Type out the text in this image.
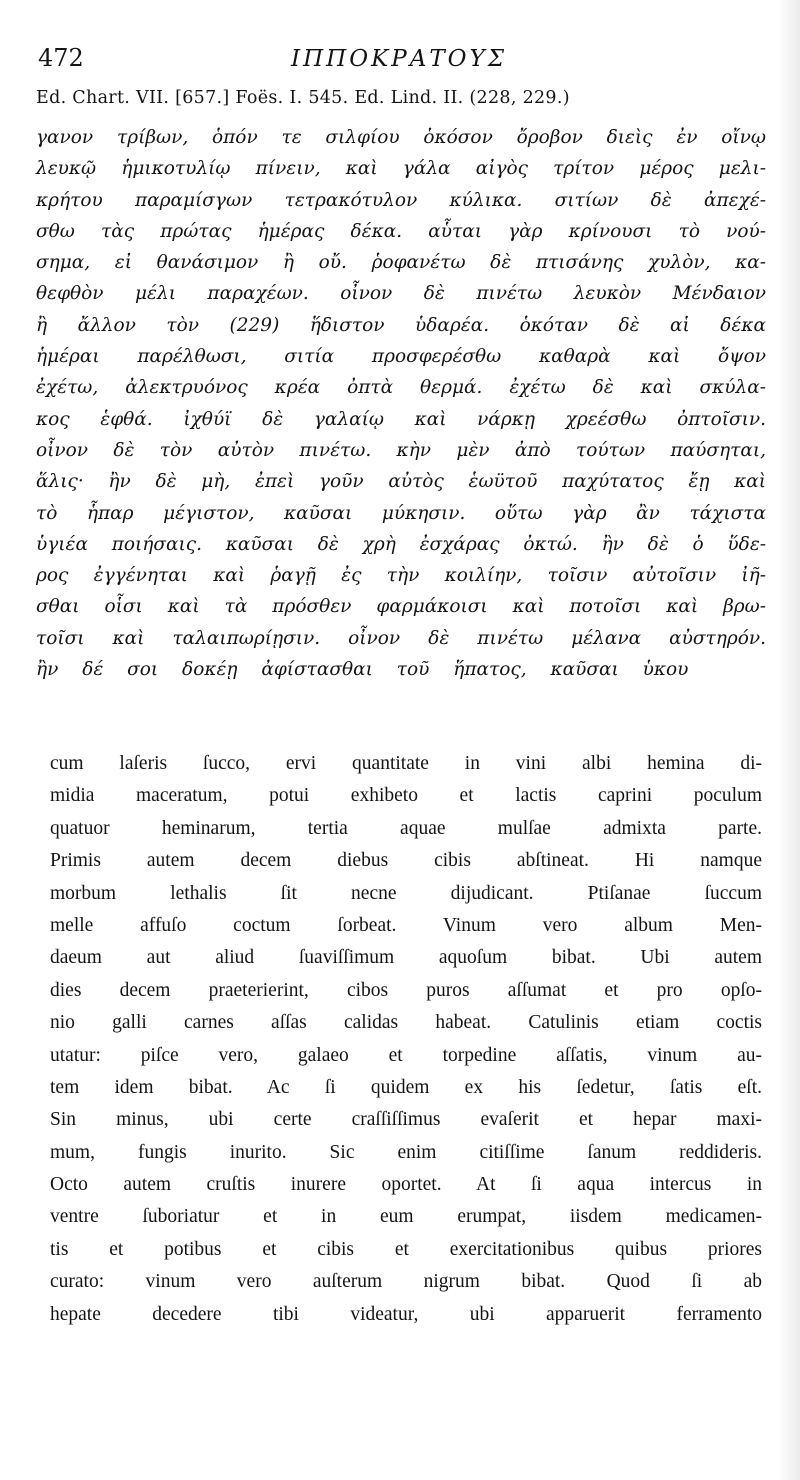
472	ΙΠΠΟΚΡΑΤΟΥΣ
Ed. Chart. VII. [657.] Foës. I. 545. Ed. Lind. II. (228, 229.)
γανον τρίβων, ὁπόν τε σιλφίου ὁκόσον ὄροβον διεὶς ἐν οἴνῳ
λευκῷ ἡμικοτυλίῳ πίνειν, καὶ γάλα αἰγὸς τρίτον μέρος μελι-
κρήτου παραμίσγων τετρακότυλον κύλικα. σιτίων δὲ ἀπεχέ-
σθω τὰς πρώτας ἡμέρας δέκα. αὗται γὰρ κρίνουσι τὸ νού-
σημα, εἰ θανάσιμον ἢ οὔ. ῥοφανέτω δὲ πτισάνης χυλὸν, κα-
θεφθὸν μέλι παραχέων. οἶνον δὲ πινέτω λευκὸν Μένδαιον
ἢ ἄλλον τὸν (229) ἥδιστον ὑδαρέα. ὁκόταν δὲ αἱ δέκα
ἡμέραι παρέλθωσι, σιτία προσφερέσθω καθαρὰ καὶ ὄψον
ἐχέτω, ἀλεκτρυόνος κρέα ὀπτὰ θερμά. ἐχέτω δὲ καὶ σκύλα-
κος ἑφθά. ἰχθύϊ δὲ γαλαίῳ καὶ νάρκῃ χρεέσθω ὀπτοῖσιν.
οἶνον δὲ τὸν αὐτὸν πινέτω. κὴν μὲν ἀπὸ τούτων παύσηται,
ἅλις· ἢν δὲ μὴ, ἐπεὶ γοῦν αὐτὸς ἑωϋτοῦ παχύτατος ἔῃ καὶ
τὸ ἧπαρ μέγιστον, καῦσαι μύκησιν. οὕτω γὰρ ἂν τάχιστα
ὑγιέα ποιήσαις. καῦσαι δὲ χρὴ ἐσχάρας ὀκτώ. ἢν δὲ ὁ ὕδε-
ρος ἐγγένηται καὶ ῥαγῇ ἐς τὴν κοιλίην, τοῖσιν αὐτοῖσιν ἰῆ-
σθαι οἷσι καὶ τὰ πρόσθεν φαρμάκοισι καὶ ποτοῖσι καὶ βρω-
τοῖσι καὶ ταλαιπωρίῃσιν. οἶνον δὲ πινέτω μέλανα αὐστηρόν.
ἢν δέ σοι δοκέῃ ἀφίστασθαι τοῦ ἥπατος, καῦσαι ὑκου
cum laſeris ſucco, ervi quantitate in vini albi hemina di-
midia maceratum, potui exhibeto et lactis caprini poculum
quatuor heminarum, tertia aquae mulſae admixta parte.
Primis autem decem diebus cibis abſtineat. Hi namque
morbum lethalis ſit necne dijudicant. Ptiſanae ſuccum
melle affuſo coctum ſorbeat. Vinum vero album Men-
daeum aut aliud ſuaviſſimum aquoſum bibat. Ubi autem
dies decem praeterierint, cibos puros aſſumat et pro opſo-
nio galli carnes aſſas calidas habeat. Catulinis etiam coctis
utatur: piſce vero, galaeo et torpedine aſſatis, vinum au-
tem idem bibat. Ac ſi quidem ex his ſedetur, ſatis eſt.
Sin minus, ubi certe craſſiſſimus evaſerit et hepar maxi-
mum, fungis inurito. Sic enim citiſſime ſanum reddideris.
Octo autem cruſtis inurere oportet. At ſi aqua intercus in
ventre ſuboriatur et in eum erumpat, iisdem medicamen-
tis et potibus et cibis et exercitationibus quibus priores
curato: vinum vero auſterum nigrum bibat. Quod ſi ab
hepate decedere tibi videatur, ubi apparuerit ferramento
